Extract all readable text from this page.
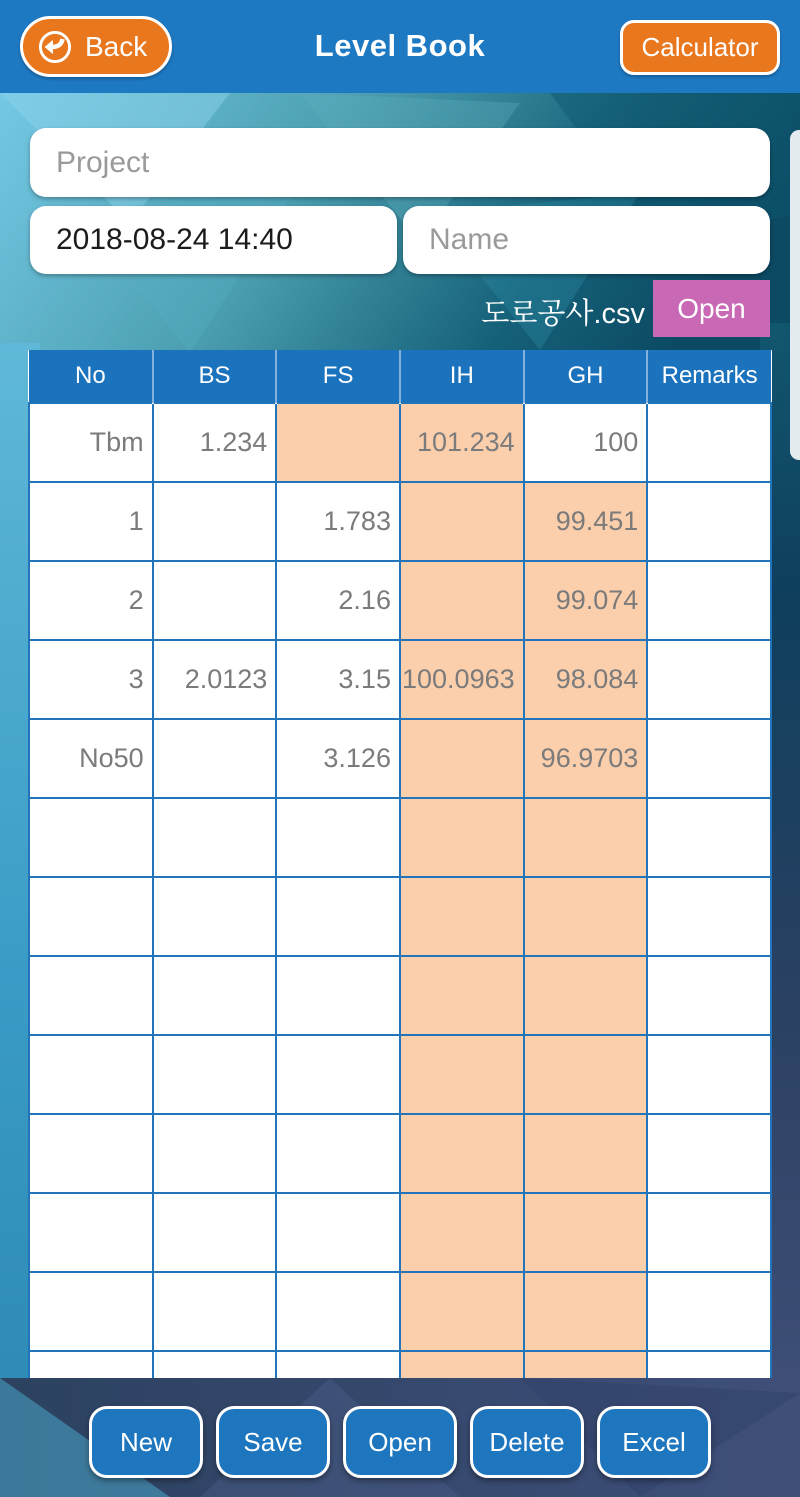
Back	Level Book	Calculator
Project
2018-08-24 14:40
Name
도로공사.csv	Open
No	BS	FS	IH	GH	Remarks
Tbm	1.234		101.234	100	
1		1.783		99.451	
2		2.16		99.074	
3	2.0123	3.15	100.0963	98.084	
No50		3.126		96.9703	

New	Save	Open	Delete	Excel
